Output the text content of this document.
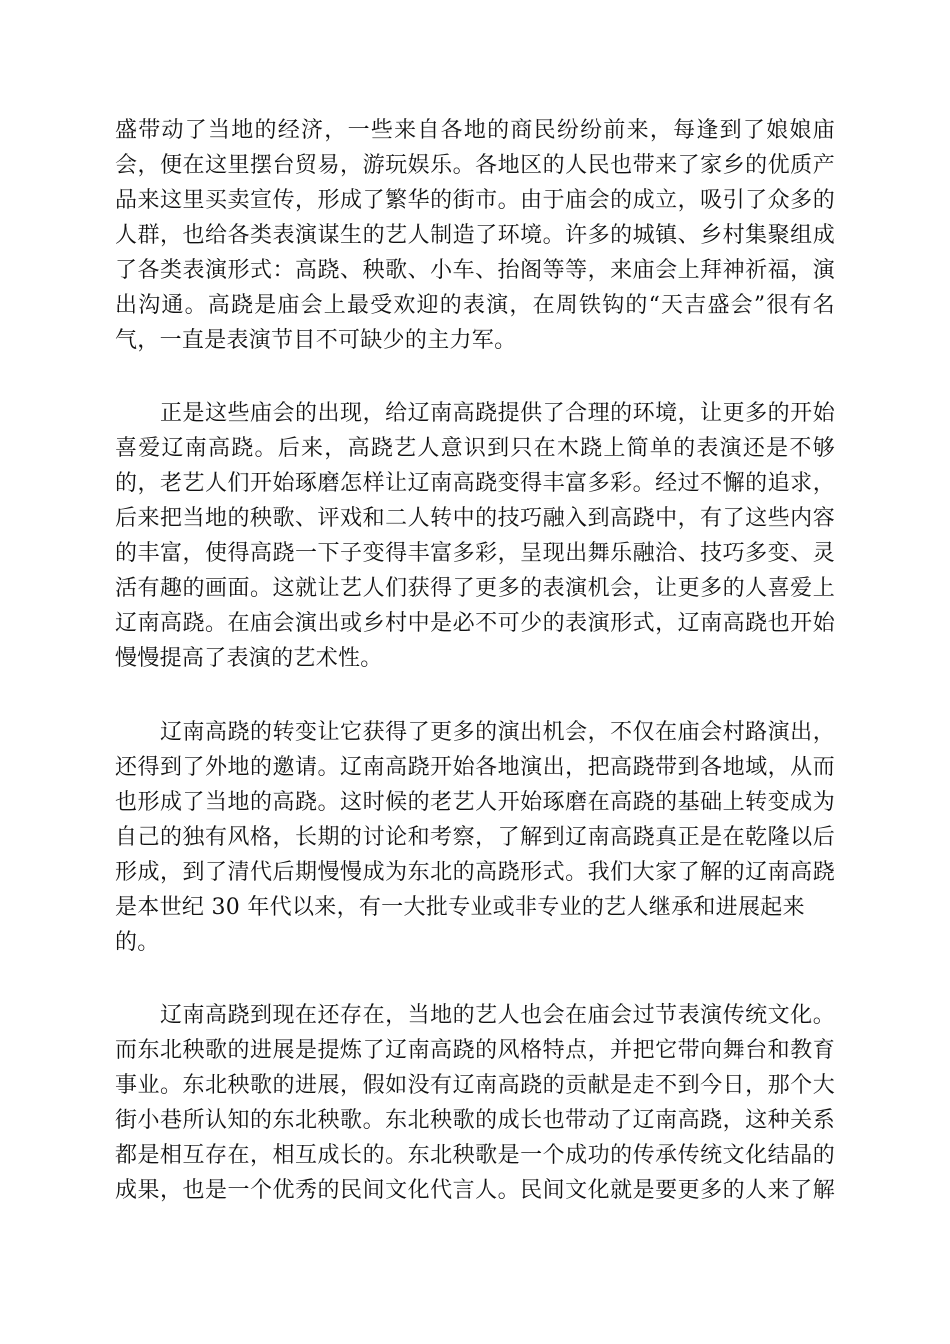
盛带动了当地的经济，一些来自各地的商民纷纷前来，每逢到了娘娘庙
会，便在这里摆台贸易，游玩娱乐。各地区的人民也带来了家乡的优质产
品来这里买卖宣传，形成了繁华的街市。由于庙会的成立，吸引了众多的
人群，也给各类表演谋生的艺人制造了环境。许多的城镇、乡村集聚组成
了各类表演形式：高跷、秧歌、小车、抬阁等等，来庙会上拜神祈福，演
出沟通。高跷是庙会上最受欢迎的表演，在周铁钩的“天吉盛会”很有名
气，一直是表演节目不可缺少的主力军。
　　正是这些庙会的出现，给辽南高跷提供了合理的环境，让更多的开始
喜爱辽南高跷。后来，高跷艺人意识到只在木跷上简单的表演还是不够
的，老艺人们开始琢磨怎样让辽南高跷变得丰富多彩。经过不懈的追求，
后来把当地的秧歌、评戏和二人转中的技巧融入到高跷中，有了这些内容
的丰富，使得高跷一下子变得丰富多彩，呈现出舞乐融洽、技巧多变、灵
活有趣的画面。这就让艺人们获得了更多的表演机会，让更多的人喜爱上
辽南高跷。在庙会演出或乡村中是必不可少的表演形式，辽南高跷也开始
慢慢提高了表演的艺术性。
　　辽南高跷的转变让它获得了更多的演出机会，不仅在庙会村路演出，
还得到了外地的邀请。辽南高跷开始各地演出，把高跷带到各地域，从而
也形成了当地的高跷。这时候的老艺人开始琢磨在高跷的基础上转变成为
自己的独有风格，长期的讨论和考察，了解到辽南高跷真正是在乾隆以后
形成，到了清代后期慢慢成为东北的高跷形式。我们大家了解的辽南高跷
是本世纪 30 年代以来，有一大批专业或非专业的艺人继承和进展起来
的。
　　辽南高跷到现在还存在，当地的艺人也会在庙会过节表演传统文化。
而东北秧歌的进展是提炼了辽南高跷的风格特点，并把它带向舞台和教育
事业。东北秧歌的进展，假如没有辽南高跷的贡献是走不到今日，那个大
街小巷所认知的东北秧歌。东北秧歌的成长也带动了辽南高跷，这种关系
都是相互存在，相互成长的。东北秧歌是一个成功的传承传统文化结晶的
成果，也是一个优秀的民间文化代言人。民间文化就是要更多的人来了解
